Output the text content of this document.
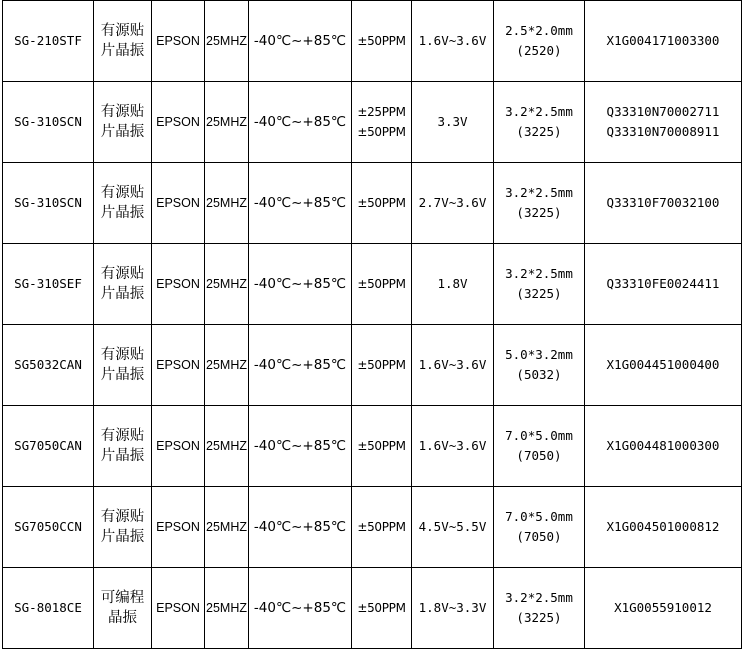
SG-210STF	有源贴
片晶振	EPSON	25MHZ	-40℃~+85℃	±50PPM	1.6V~3.6V	2.5*2.0mm
(2520)	X1G004171003300

SG-310SCN	有源贴
片晶振	EPSON	25MHZ	-40℃~+85℃	±25PPM
±50PPM	3.3V	3.2*2.5mm
(3225)	Q33310N70002711
Q33310N70008911

SG-310SCN	有源贴
片晶振	EPSON	25MHZ	-40℃~+85℃	±50PPM	2.7V~3.6V	3.2*2.5mm
(3225)	Q33310F70032100

SG-310SEF	有源贴
片晶振	EPSON	25MHZ	-40℃~+85℃	±50PPM	1.8V	3.2*2.5mm
(3225)	Q33310FE0024411

SG5032CAN	有源贴
片晶振	EPSON	25MHZ	-40℃~+85℃	±50PPM	1.6V~3.6V	5.0*3.2mm
(5032)	X1G004451000400

SG7050CAN	有源贴
片晶振	EPSON	25MHZ	-40℃~+85℃	±50PPM	1.6V~3.6V	7.0*5.0mm
(7050)	X1G004481000300

SG7050CCN	有源贴
片晶振	EPSON	25MHZ	-40℃~+85℃	±50PPM	4.5V~5.5V	7.0*5.0mm
(7050)	X1G004501000812

SG-8018CE	可编程
晶振	EPSON	25MHZ	-40℃~+85℃	±50PPM	1.8V~3.3V	3.2*2.5mm
(3225)	X1G0055910012
